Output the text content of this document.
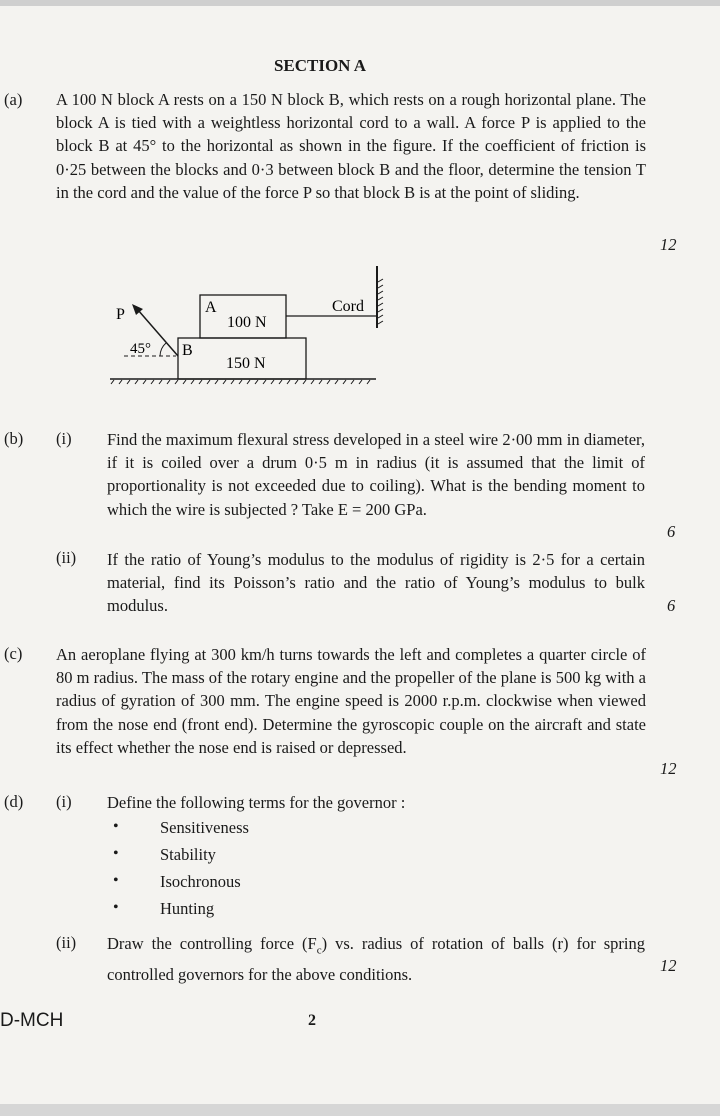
SECTION A
(a) A 100 N block A rests on a 150 N block B, which rests on a rough horizontal plane. The block A is tied with a weightless horizontal cord to a wall. A force P is applied to the block B at 45° to the horizontal as shown in the figure. If the coefficient of friction is 0·25 between the blocks and 0·3 between block B and the floor, determine the tension T in the cord and the value of the force P so that block B is at the point of sliding.
12
Cord
A
100 N
B
150 N
P
45°
(b) (i) Find the maximum flexural stress developed in a steel wire 2·00 mm in diameter, if it is coiled over a drum 0·5 m in radius (it is assumed that the limit of proportionality is not exceeded due to coiling). What is the bending moment to which the wire is subjected ? Take E = 200 GPa.
6
(ii) If the ratio of Young’s modulus to the modulus of rigidity is 2·5 for a certain material, find its Poisson’s ratio and the ratio of Young’s modulus to bulk modulus.	6
(c) An aeroplane flying at 300 km/h turns towards the left and completes a quarter circle of 80 m radius. The mass of the rotary engine and the propeller of the plane is 500 kg with a radius of gyration of 300 mm. The engine speed is 2000 r.p.m. clockwise when viewed from the nose end (front end). Determine the gyroscopic couple on the aircraft and state its effect whether the nose end is raised or depressed.
12
(d) (i) Define the following terms for the governor :
•	Sensitiveness
•	Stability
•	Isochronous
•	Hunting
(ii) Draw the controlling force $(F_c)$ vs. radius of rotation of balls (r) for spring controlled governors for the above conditions.	12
D-MCH	2
